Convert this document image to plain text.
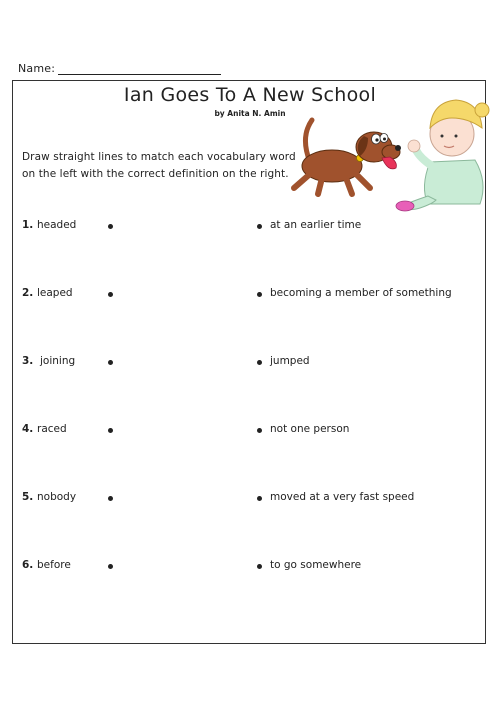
Name:
Ian Goes To A New School
by Anita N. Amin
Draw straight lines to match each vocabulary word on the left with the correct definition on the right.
1. headed	at an earlier time
2. leaped	becoming a member of something
3. joining	jumped
4. raced	not one person
5. nobody	moved at a very fast speed
6. before	to go somewhere
